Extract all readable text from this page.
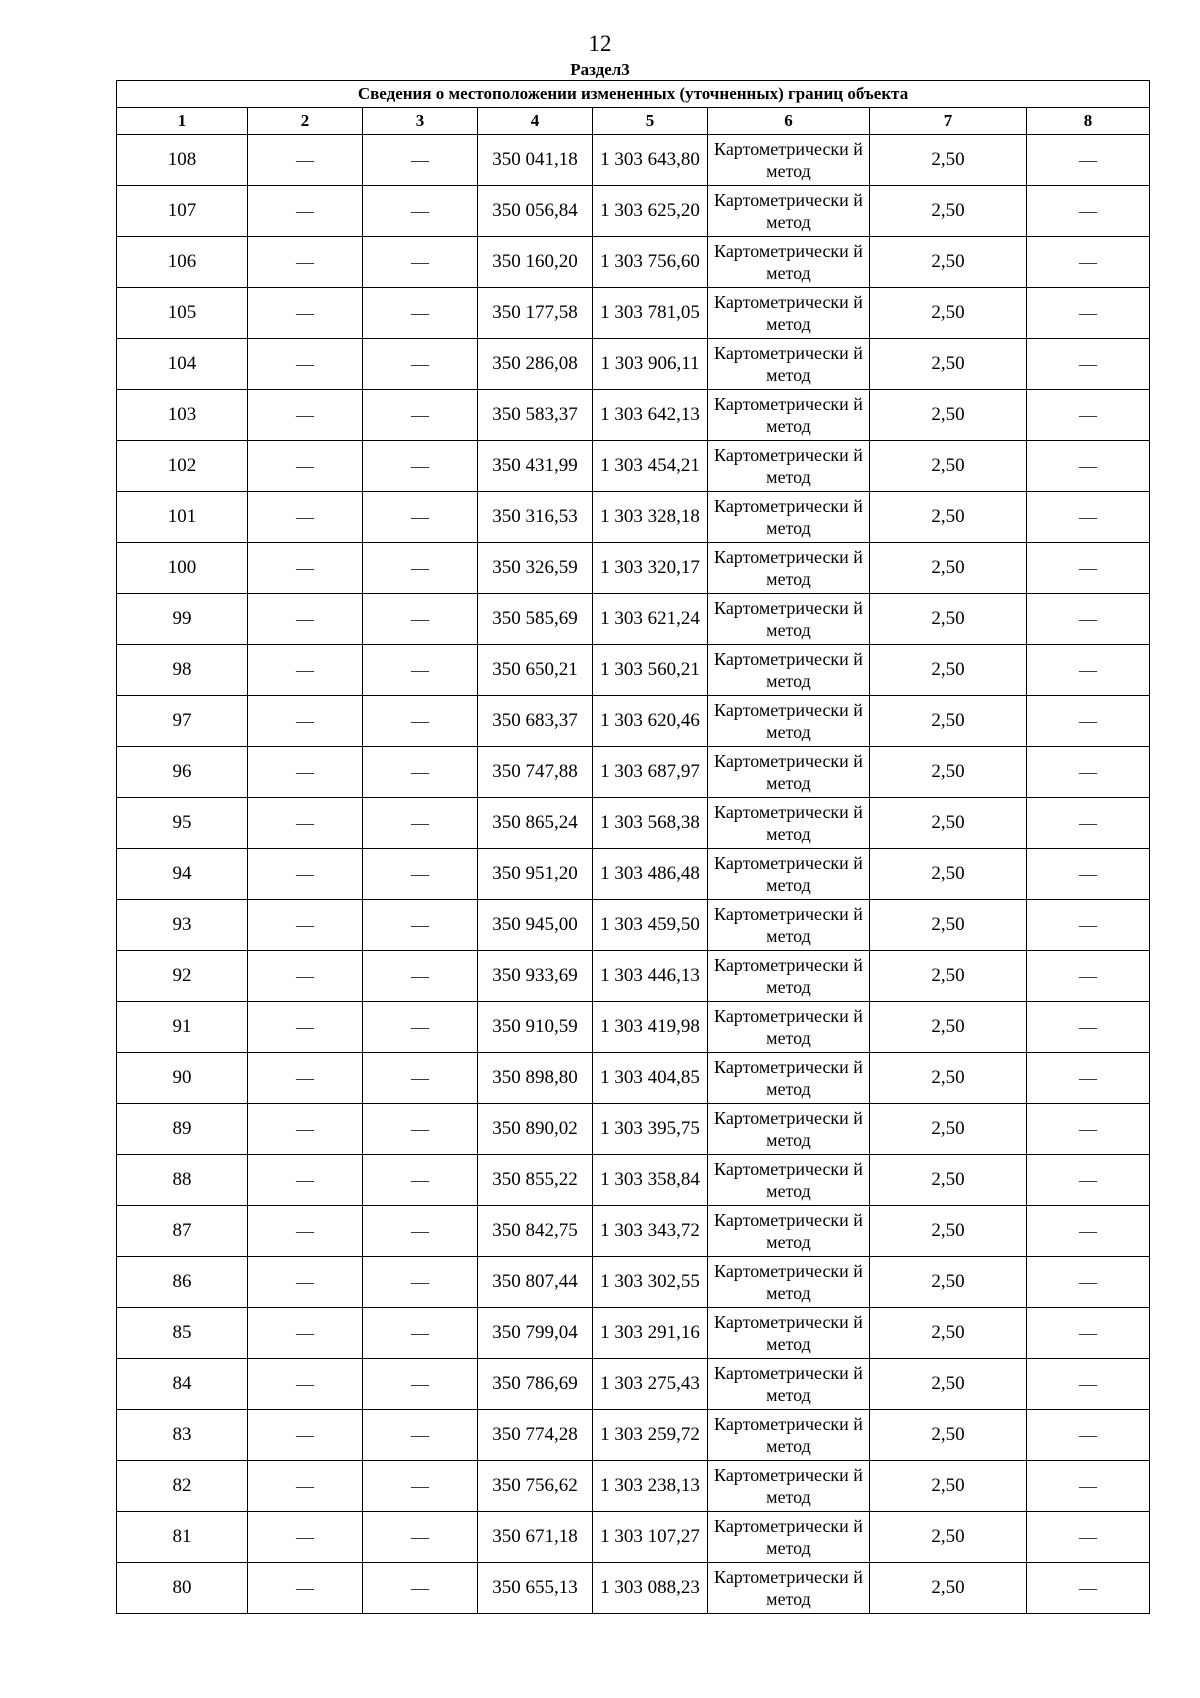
12
Раздел3
Сведения о местоположении измененных (уточненных) границ объекта							
1	2	3	4	5	6	7	8
108	—	—	350 041,18	1 303 643,80	Картометрически й метод	2,50	—
107	—	—	350 056,84	1 303 625,20	Картометрически й метод	2,50	—
106	—	—	350 160,20	1 303 756,60	Картометрически й метод	2,50	—
105	—	—	350 177,58	1 303 781,05	Картометрически й метод	2,50	—
104	—	—	350 286,08	1 303 906,11	Картометрически й метод	2,50	—
103	—	—	350 583,37	1 303 642,13	Картометрически й метод	2,50	—
102	—	—	350 431,99	1 303 454,21	Картометрически й метод	2,50	—
101	—	—	350 316,53	1 303 328,18	Картометрически й метод	2,50	—
100	—	—	350 326,59	1 303 320,17	Картометрически й метод	2,50	—
99	—	—	350 585,69	1 303 621,24	Картометрически й метод	2,50	—
98	—	—	350 650,21	1 303 560,21	Картометрически й метод	2,50	—
97	—	—	350 683,37	1 303 620,46	Картометрически й метод	2,50	—
96	—	—	350 747,88	1 303 687,97	Картометрически й метод	2,50	—
95	—	—	350 865,24	1 303 568,38	Картометрически й метод	2,50	—
94	—	—	350 951,20	1 303 486,48	Картометрически й метод	2,50	—
93	—	—	350 945,00	1 303 459,50	Картометрически й метод	2,50	—
92	—	—	350 933,69	1 303 446,13	Картометрически й метод	2,50	—
91	—	—	350 910,59	1 303 419,98	Картометрически й метод	2,50	—
90	—	—	350 898,80	1 303 404,85	Картометрически й метод	2,50	—
89	—	—	350 890,02	1 303 395,75	Картометрически й метод	2,50	—
88	—	—	350 855,22	1 303 358,84	Картометрически й метод	2,50	—
87	—	—	350 842,75	1 303 343,72	Картометрически й метод	2,50	—
86	—	—	350 807,44	1 303 302,55	Картометрически й метод	2,50	—
85	—	—	350 799,04	1 303 291,16	Картометрически й метод	2,50	—
84	—	—	350 786,69	1 303 275,43	Картометрически й метод	2,50	—
83	—	—	350 774,28	1 303 259,72	Картометрически й метод	2,50	—
82	—	—	350 756,62	1 303 238,13	Картометрически й метод	2,50	—
81	—	—	350 671,18	1 303 107,27	Картометрически й метод	2,50	—
80	—	—	350 655,13	1 303 088,23	Картометрически й метод	2,50	—
